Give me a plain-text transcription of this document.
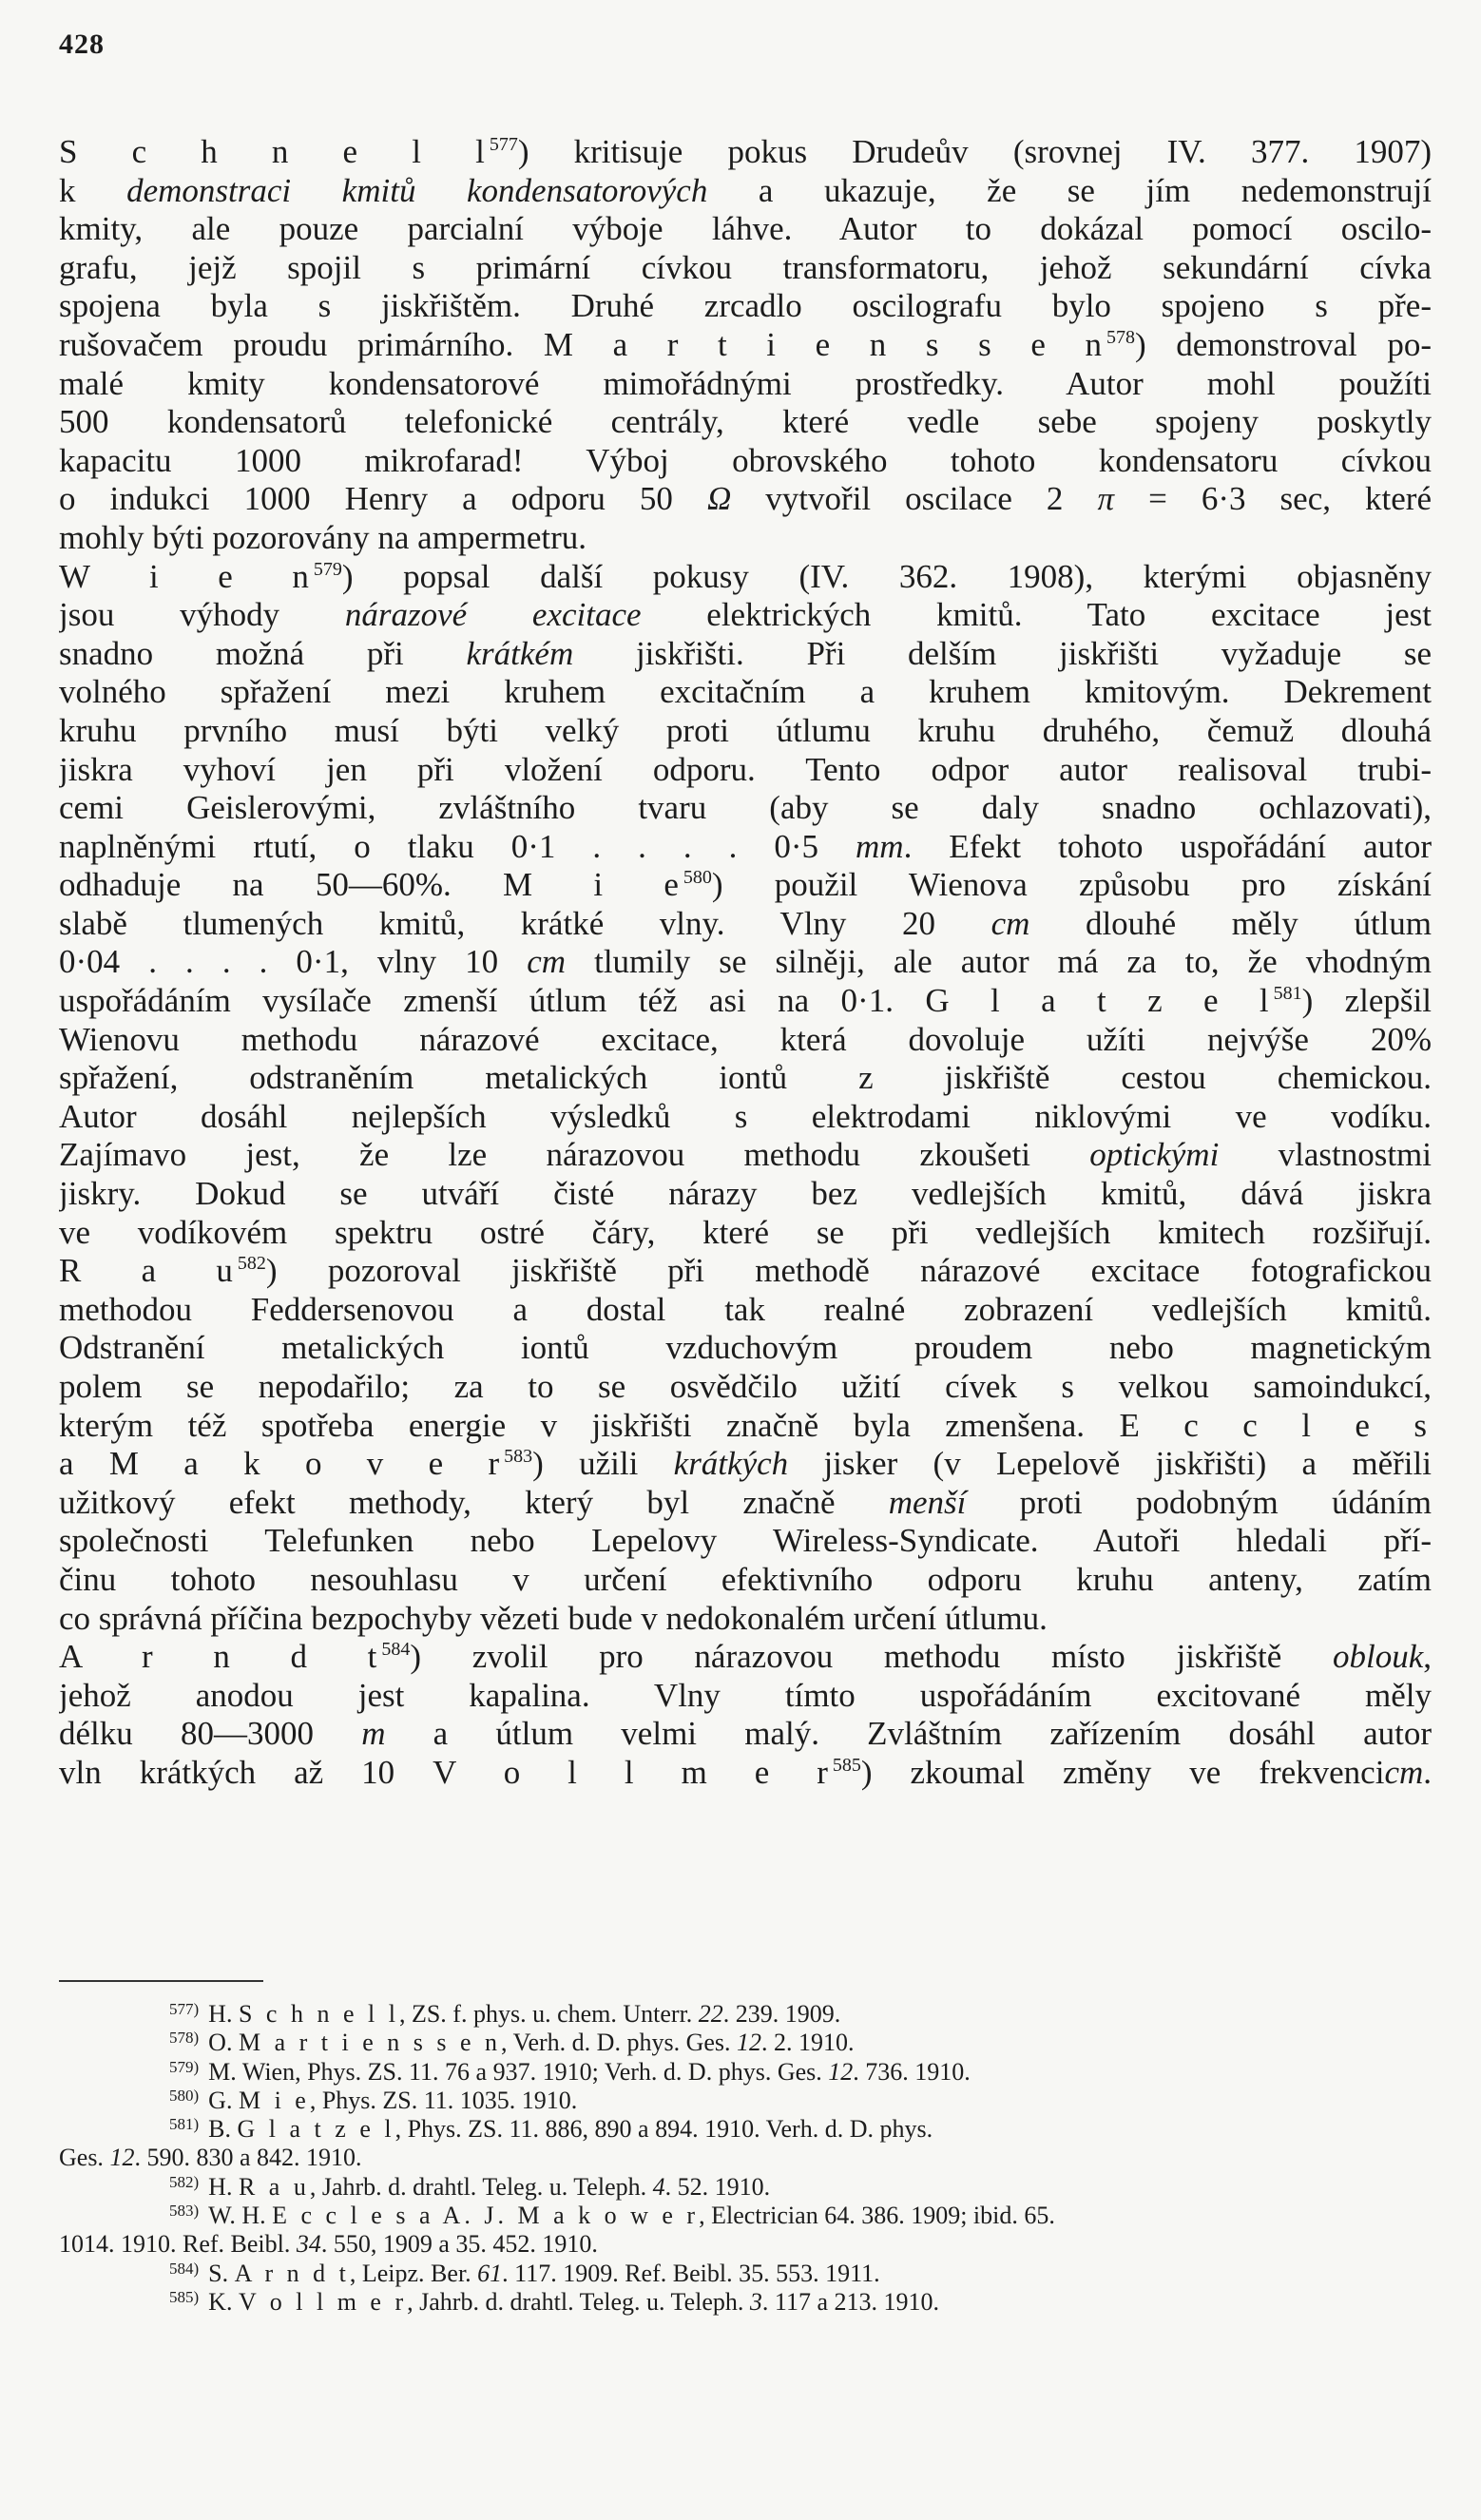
428
S c h n e l $l^{577}$) kritisuje pokus Drudeův (srovnej IV. 377. 1907)
k demonstraci kmitů kondensatorových a ukazuje, že se jím nedemonstrují
kmity, ale pouze parcialní výboje láhve. Autor to dokázal pomocí oscilo-
grafu, jejž spojil s primární cívkou transformatoru, jehož sekundární cívka
spojena byla s jiskřištěm. Druhé zrcadlo oscilografu bylo spojeno s pře-
rušovačem proudu primárního. M a r t i e n s s e $n^{578}$) demonstroval po-
malé kmity kondensatorové mimořádnými prostředky. Autor mohl použíti
500 kondensatorů telefonické centrály, které vedle sebe spojeny poskytly
kapacitu 1000 mikrofarad! Výboj obrovského tohoto kondensatoru cívkou
o indukci 1000 Henry a odporu 50 Ω vytvořil oscilace 2 π = 6·3 sec, které
mohly býti pozorovány na ampermetru.
W i e $n^{579}$) popsal další pokusy (IV. 362. 1908), kterými objasněny
jsou výhody nárazové excitace elektrických kmitů. Tato excitace jest
snadno možná při krátkém jiskřišti. Při delším jiskřišti vyžaduje se
volného spřažení mezi kruhem excitačním a kruhem kmitovým. Dekrement
kruhu prvního musí býti velký proti útlumu kruhu druhého, čemuž dlouhá
jiskra vyhoví jen při vložení odporu. Tento odpor autor realisoval trubi-
cemi Geislerovými, zvláštního tvaru (aby se daly snadno ochlazovati),
naplněnými rtutí, o tlaku 0·1 . . . . 0·5 mm. Efekt tohoto uspořádání autor
odhaduje na 50—60%. M i $e^{580}$) použil Wienova způsobu pro získání
slabě tlumených kmitů, krátké vlny. Vlny 20 cm dlouhé měly útlum
0·04 . . . . 0·1, vlny 10 cm tlumily se silněji, ale autor má za to, že vhodným
uspořádáním vysílače zmenší útlum též asi na 0·1. G l a t z e $l^{581}$) zlepšil
Wienovu methodu nárazové excitace, která dovoluje užíti nejvýše 20%
spřažení, odstraněním metalických iontů z jiskřiště cestou chemickou.
Autor dosáhl nejlepších výsledků s elektrodami niklovými ve vodíku.
Zajímavo jest, že lze nárazovou methodu zkoušeti optickými vlastnostmi
jiskry. Dokud se utváří čisté nárazy bez vedlejších kmitů, dává jiskra
ve vodíkovém spektru ostré čáry, které se při vedlejších kmitech rozšiřují.
R a $u^{582}$) pozoroval jiskřiště při methodě nárazové excitace fotografickou
methodou Feddersenovou a dostal tak realné zobrazení vedlejších kmitů.
Odstranění metalických iontů vzduchovým proudem nebo magnetickým
polem se nepodařilo; za to se osvědčilo užití cívek s velkou samoindukcí,
kterým též spotřeba energie v jiskřišti značně byla zmenšena. E c c l e s
a M a k o v e $r^{583}$) užili krátkých jisker (v Lepelově jiskřišti) a měřili
užitkový efekt methody, který byl značně menší proti podobným údáním
společnosti Telefunken nebo Lepelovy Wireless-Syndicate. Autoři hledali pří-
činu tohoto nesouhlasu v určení efektivního odporu kruhu anteny, zatím
co správná příčina bezpochyby vězeti bude v nedokonalém určení útlumu.
A r n d $t^{584}$) zvolil pro nárazovou methodu místo jiskřiště oblouk,
jehož anodou jest kapalina. Vlny tímto uspořádáním excitované měly
délku 80—3000 m a útlum velmi malý. Zvláštním zařízením dosáhl autor
vln krátkých až 10 V o l l m e $r^{585}$) zkoumal změny ve frekvencicm.
$^{577)}$ H. S c h n e l l, ZS. f. phys. u. chem. Unterr. 22. 239. 1909.
$^{578)}$ O. M a r t i e n s s e n, Verh. d. D. phys. Ges. 12. 2. 1910.
$^{579)}$ M. Wien, Phys. ZS. 11. 76 a 937. 1910; Verh. d. D. phys. Ges. 12. 736. 1910.
$^{580)}$ G. M i e, Phys. ZS. 11. 1035. 1910.
$^{581)}$ B. G l a t z e l, Phys. ZS. 11. 886, 890 a 894. 1910. Verh. d. D. phys.
Ges. 12. 590. 830 a 842. 1910.
$^{582)}$ H. R a u, Jahrb. d. drahtl. Teleg. u. Teleph. 4. 52. 1910.
$^{583)}$ W. H. E c c l e s a A. J. M a k o w e r, Electrician 64. 386. 1909; ibid. 65.
1014. 1910. Ref. Beibl. 34. 550, 1909 a 35. 452. 1910.
$^{584)}$ S. A r n d t, Leipz. Ber. 61. 117. 1909. Ref. Beibl. 35. 553. 1911.
$^{585)}$ K. V o l l m e r, Jahrb. d. drahtl. Teleg. u. Teleph. 3. 117 a 213. 1910.
